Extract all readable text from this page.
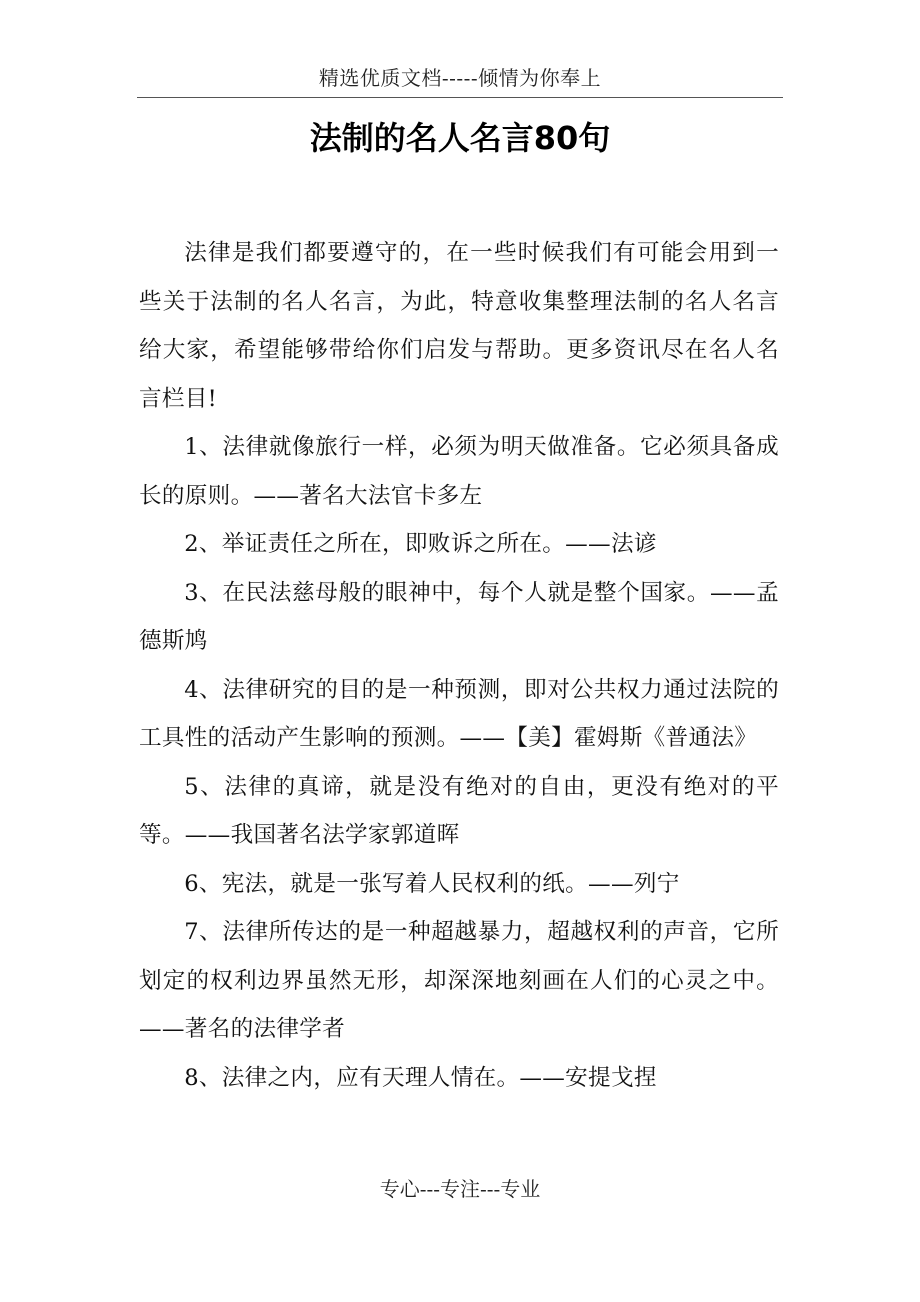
精选优质文档-----倾情为你奉上
法制的名人名言80句

法律是我们都要遵守的，在一些时候我们有可能会用到一些关于法制的名人名言，为此，特意收集整理法制的名人名言给大家，希望能够带给你们启发与帮助。更多资讯尽在名人名言栏目!

1、法律就像旅行一样，必须为明天做准备。它必须具备成长的原则。——著名大法官卡多左

2、举证责任之所在，即败诉之所在。——法谚

3、在民法慈母般的眼神中，每个人就是整个国家。——孟德斯鸠

4、法律研究的目的是一种预测，即对公共权力通过法院的工具性的活动产生影响的预测。——【美】霍姆斯《普通法》

5、法律的真谛，就是没有绝对的自由，更没有绝对的平等。——我国著名法学家郭道晖

6、宪法，就是一张写着人民权利的纸。——列宁

7、法律所传达的是一种超越暴力，超越权利的声音，它所划定的权利边界虽然无形，却深深地刻画在人们的心灵之中。——著名的法律学者

8、法律之内，应有天理人情在。——安提戈捏

专心---专注---专业
